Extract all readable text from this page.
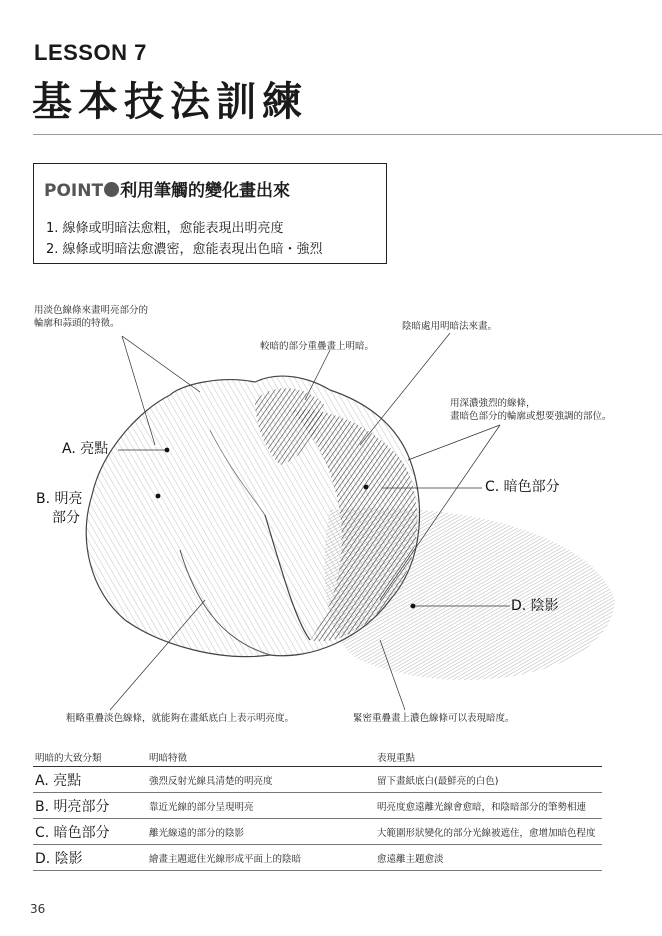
LESSON 7
基本技法訓練
POINT 利用筆觸的變化畫出來
1. 線條或明暗法愈粗，愈能表現出明亮度
2. 線條或明暗法愈濃密，愈能表現出色暗・強烈
用淡色線條來畫明亮部分的
輪廓和蒜頭的特徵。
較暗的部分重疊畫上明暗。
陰暗處用明暗法來畫。
用深濃強烈的線條，
畫暗色部分的輪廓或想要強調的部位。
粗略重疊淡色線條，就能夠在畫紙底白上表示明亮度。	緊密重疊畫上濃色線條可以表現暗度。
A. 亮點
B. 明亮
部分
C. 暗色部分
D. 陰影
明暗的大致分類	明暗特徵	表現重點
A. 亮點	強烈反射光線具清楚的明亮度	留下畫紙底白(最鮮亮的白色)
B. 明亮部分	靠近光線的部分呈現明亮	明亮度愈遠離光線會愈暗，和陰暗部分的筆勢相連
C. 暗色部分	離光線遠的部分的陰影	大範圍形狀變化的部分光線被遮住，愈增加暗色程度
D. 陰影	繪畫主題遮住光線形成平面上的陰暗	愈遠離主題愈淡
36
